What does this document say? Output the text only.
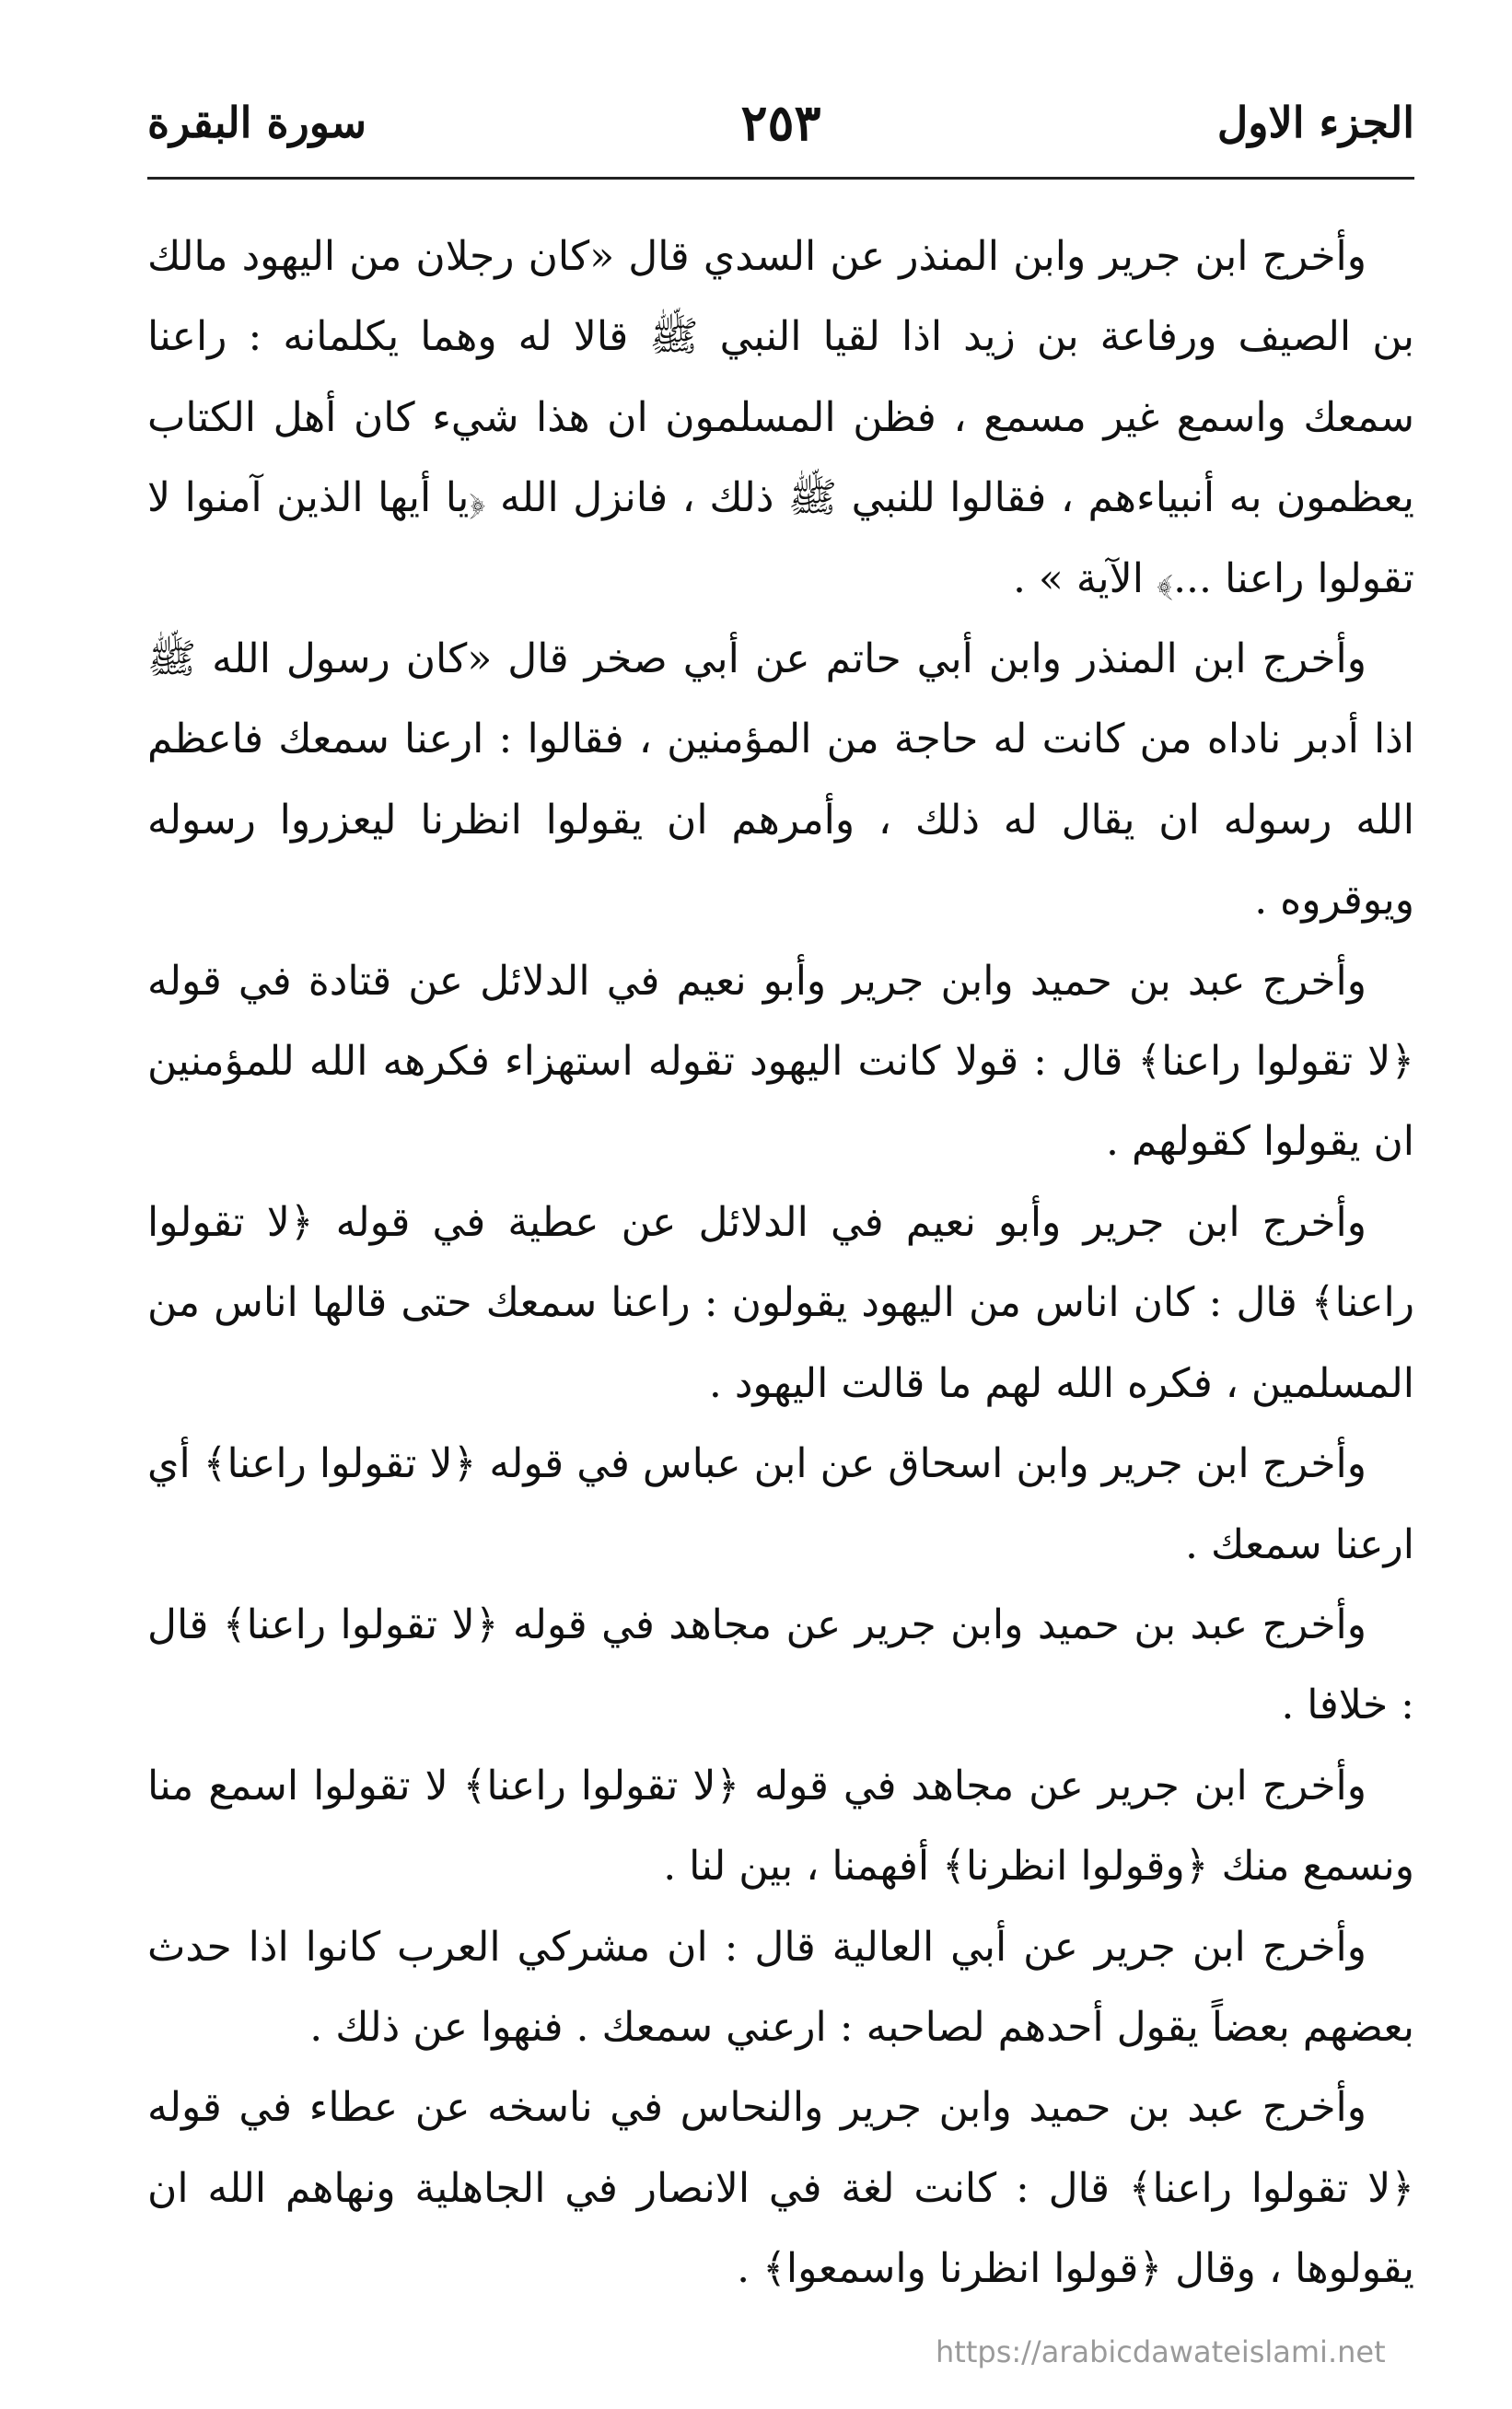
الجزء الاول
٢٥٣
سورة البقرة

وأخرج ابن جرير وابن المنذر عن السدي قال «كان رجلان من اليهود مالك بن الصيف ورفاعة بن زيد اذا لقيا النبي ﷺ قالا له وهما يكلمانه : راعنا سمعك واسمع غير مسمع ، فظن المسلمون ان هذا شيء كان أهل الكتاب يعظمون به أنبياءهم ، فقالوا للنبي ﷺ ذلك ، فانزل الله ﴿يا أيها الذين آمنوا لا تقولوا راعنا ...﴾ الآية » .

وأخرج ابن المنذر وابن أبي حاتم عن أبي صخر قال «كان رسول الله ﷺ اذا أدبر ناداه من كانت له حاجة من المؤمنين ، فقالوا : ارعنا سمعك فاعظم الله رسوله ان يقال له ذلك ، وأمرهم ان يقولوا انظرنا ليعزروا رسوله ويوقروه .

وأخرج عبد بن حميد وابن جرير وأبو نعيم في الدلائل عن قتادة في قوله ﴿لا تقولوا راعنا﴾ قال : قولا كانت اليهود تقوله استهزاء فكرهه الله للمؤمنين ان يقولوا كقولهم .

وأخرج ابن جرير وأبو نعيم في الدلائل عن عطية في قوله ﴿لا تقولوا راعنا﴾ قال : كان اناس من اليهود يقولون : راعنا سمعك حتى قالها اناس من المسلمين ، فكره الله لهم ما قالت اليهود .

وأخرج ابن جرير وابن اسحاق عن ابن عباس في قوله ﴿لا تقولوا راعنا﴾ أي ارعنا سمعك .

وأخرج عبد بن حميد وابن جرير عن مجاهد في قوله ﴿لا تقولوا راعنا﴾ قال : خلافا .

وأخرج ابن جرير عن مجاهد في قوله ﴿لا تقولوا راعنا﴾ لا تقولوا اسمع منا ونسمع منك ﴿وقولوا انظرنا﴾ أفهمنا ، بين لنا .

وأخرج ابن جرير عن أبي العالية قال : ان مشركي العرب كانوا اذا حدث بعضهم بعضاً يقول أحدهم لصاحبه : ارعني سمعك . فنهوا عن ذلك .

وأخرج عبد بن حميد وابن جرير والنحاس في ناسخه عن عطاء في قوله ﴿لا تقولوا راعنا﴾ قال : كانت لغة في الانصار في الجاهلية ونهاهم الله ان يقولوها ، وقال ﴿قولوا انظرنا واسمعوا﴾ .

https://arabicdawateislami.net
